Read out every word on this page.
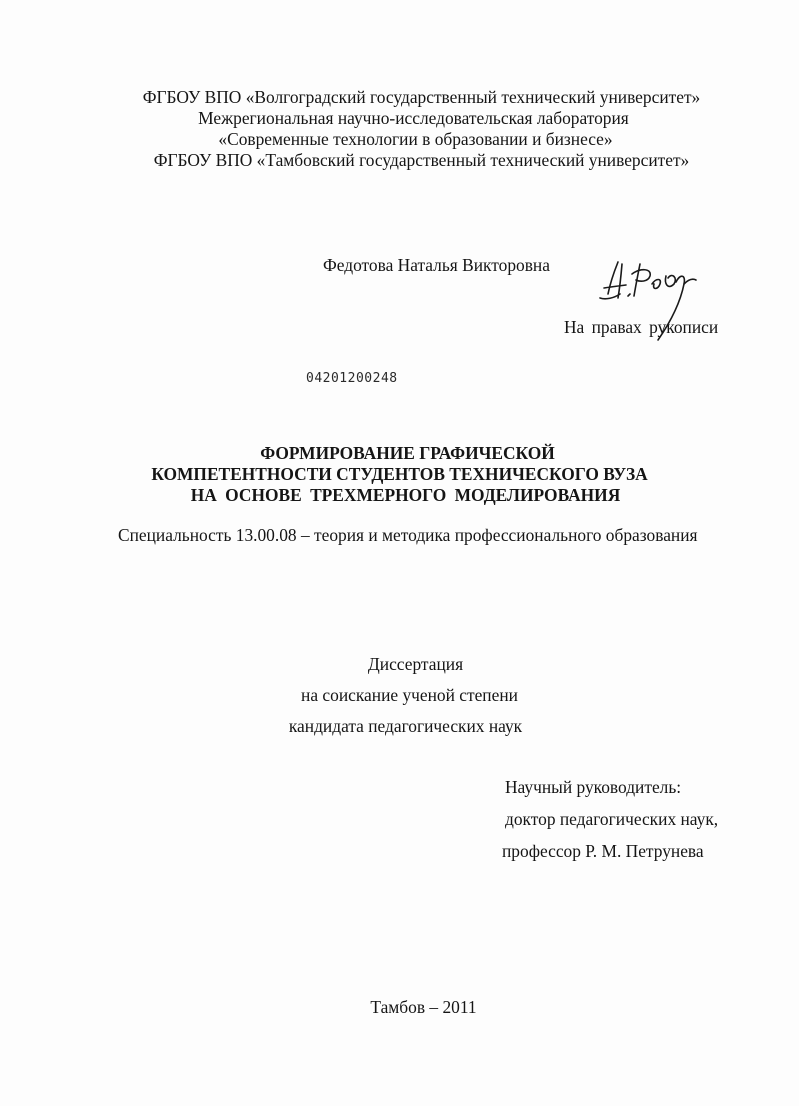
ФГБОУ ВПО «Волгоградский государственный технический университет»
Межрегиональная научно-исследовательская лаборатория
«Современные технологии в образовании и бизнесе»
ФГБОУ ВПО «Тамбовский государственный технический университет»
Федотова Наталья Викторовна
На правах рукописи
04201200248
ФОРМИРОВАНИЕ ГРАФИЧЕСКОЙ
КОМПЕТЕНТНОСТИ СТУДЕНТОВ ТЕХНИЧЕСКОГО ВУЗА
НА ОСНОВЕ ТРЕХМЕРНОГО МОДЕЛИРОВАНИЯ
Специальность 13.00.08 – теория и методика профессионального образования
Диссертация
на соискание ученой степени
кандидата педагогических наук
Научный руководитель:
доктор педагогических наук,
профессор Р. М. Петрунева
Тамбов – 2011
